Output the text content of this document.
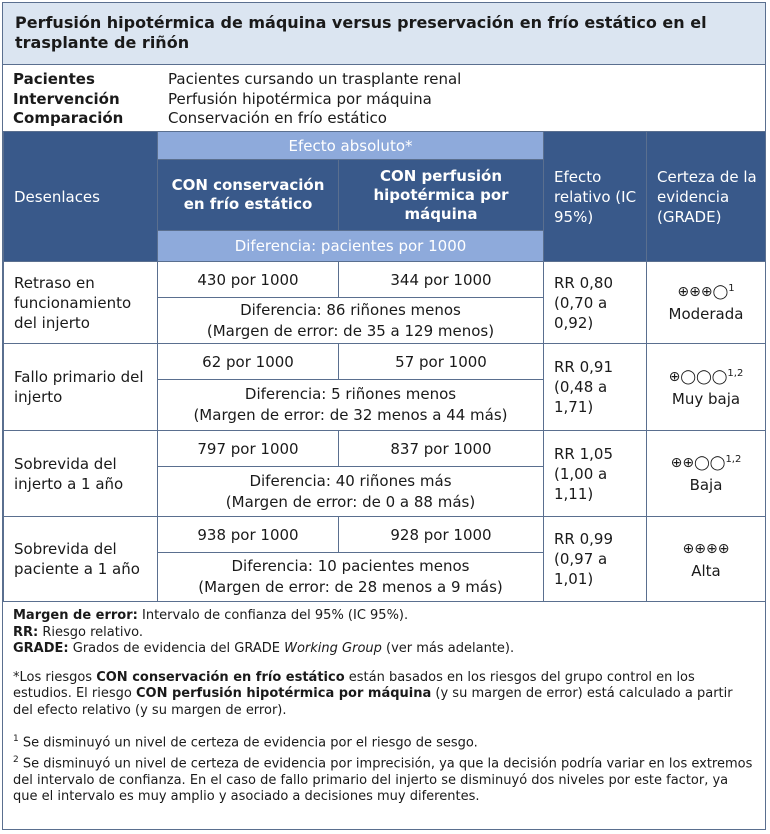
Perfusión hipotérmica de máquina versus preservación en frío estático en el trasplante de riñón
Pacientes	Pacientes cursando un trasplante renal
Intervención	Perfusión hipotérmica por máquina
Comparación	Conservación en frío estático
Desenlaces	Efecto absoluto*		Efecto relativo (IC 95%)	Certeza de la evidencia (GRADE)
	CON conservación en frío estático	CON perfusión hipotérmica por máquina		
	Diferencia: pacientes por 1000			
Retraso en funcionamiento del injerto	430 por 1000	344 por 1000	RR 0,80 (0,70 a 0,92)	⊕⊕⊕◯$^1$
Moderada

	Diferencia: 86 riñones menos
(Margen de error: de 35 a 129 menos)			

Fallo primario del injerto	62 por 1000	57 por 1000	RR 0,91 (0,48 a 1,71)	⊕◯◯◯$^{1,2}$
Muy baja

	Diferencia: 5 riñones menos
(Margen de error: de 32 menos a 44 más)			

Sobrevida del injerto a 1 año	797 por 1000	837 por 1000	RR 1,05 (1,00 a 1,11)	⊕⊕◯◯$^{1,2}$
Baja

	Diferencia: 40 riñones más
(Margen de error: de 0 a 88 más)			

Sobrevida del paciente a 1 año	938 por 1000	928 por 1000	RR 0,99 (0,97 a 1,01)	⊕⊕⊕⊕
Alta

	Diferencia: 10 pacientes menos
(Margen de error: de 28 menos a 9 más)			

Margen de error: Intervalo de confianza del 95% (IC 95%).

RR: Riesgo relativo.

GRADE: Grados de evidencia del GRADE Working Group (ver más adelante).

*Los riesgos CON conservación en frío estático están basados en los riesgos del grupo control en los estudios. El riesgo CON perfusión hipotérmica por máquina (y su margen de error) está calculado a partir del efecto relativo (y su margen de error).

$^1$ Se disminuyó un nivel de certeza de evidencia por el riesgo de sesgo.

$^2$ Se disminuyó un nivel de certeza de evidencia por imprecisión, ya que la decisión podría variar en los extremos del intervalo de confianza. En el caso de fallo primario del injerto se disminuyó dos niveles por este factor, ya que el intervalo es muy amplio y asociado a decisiones muy diferentes.
